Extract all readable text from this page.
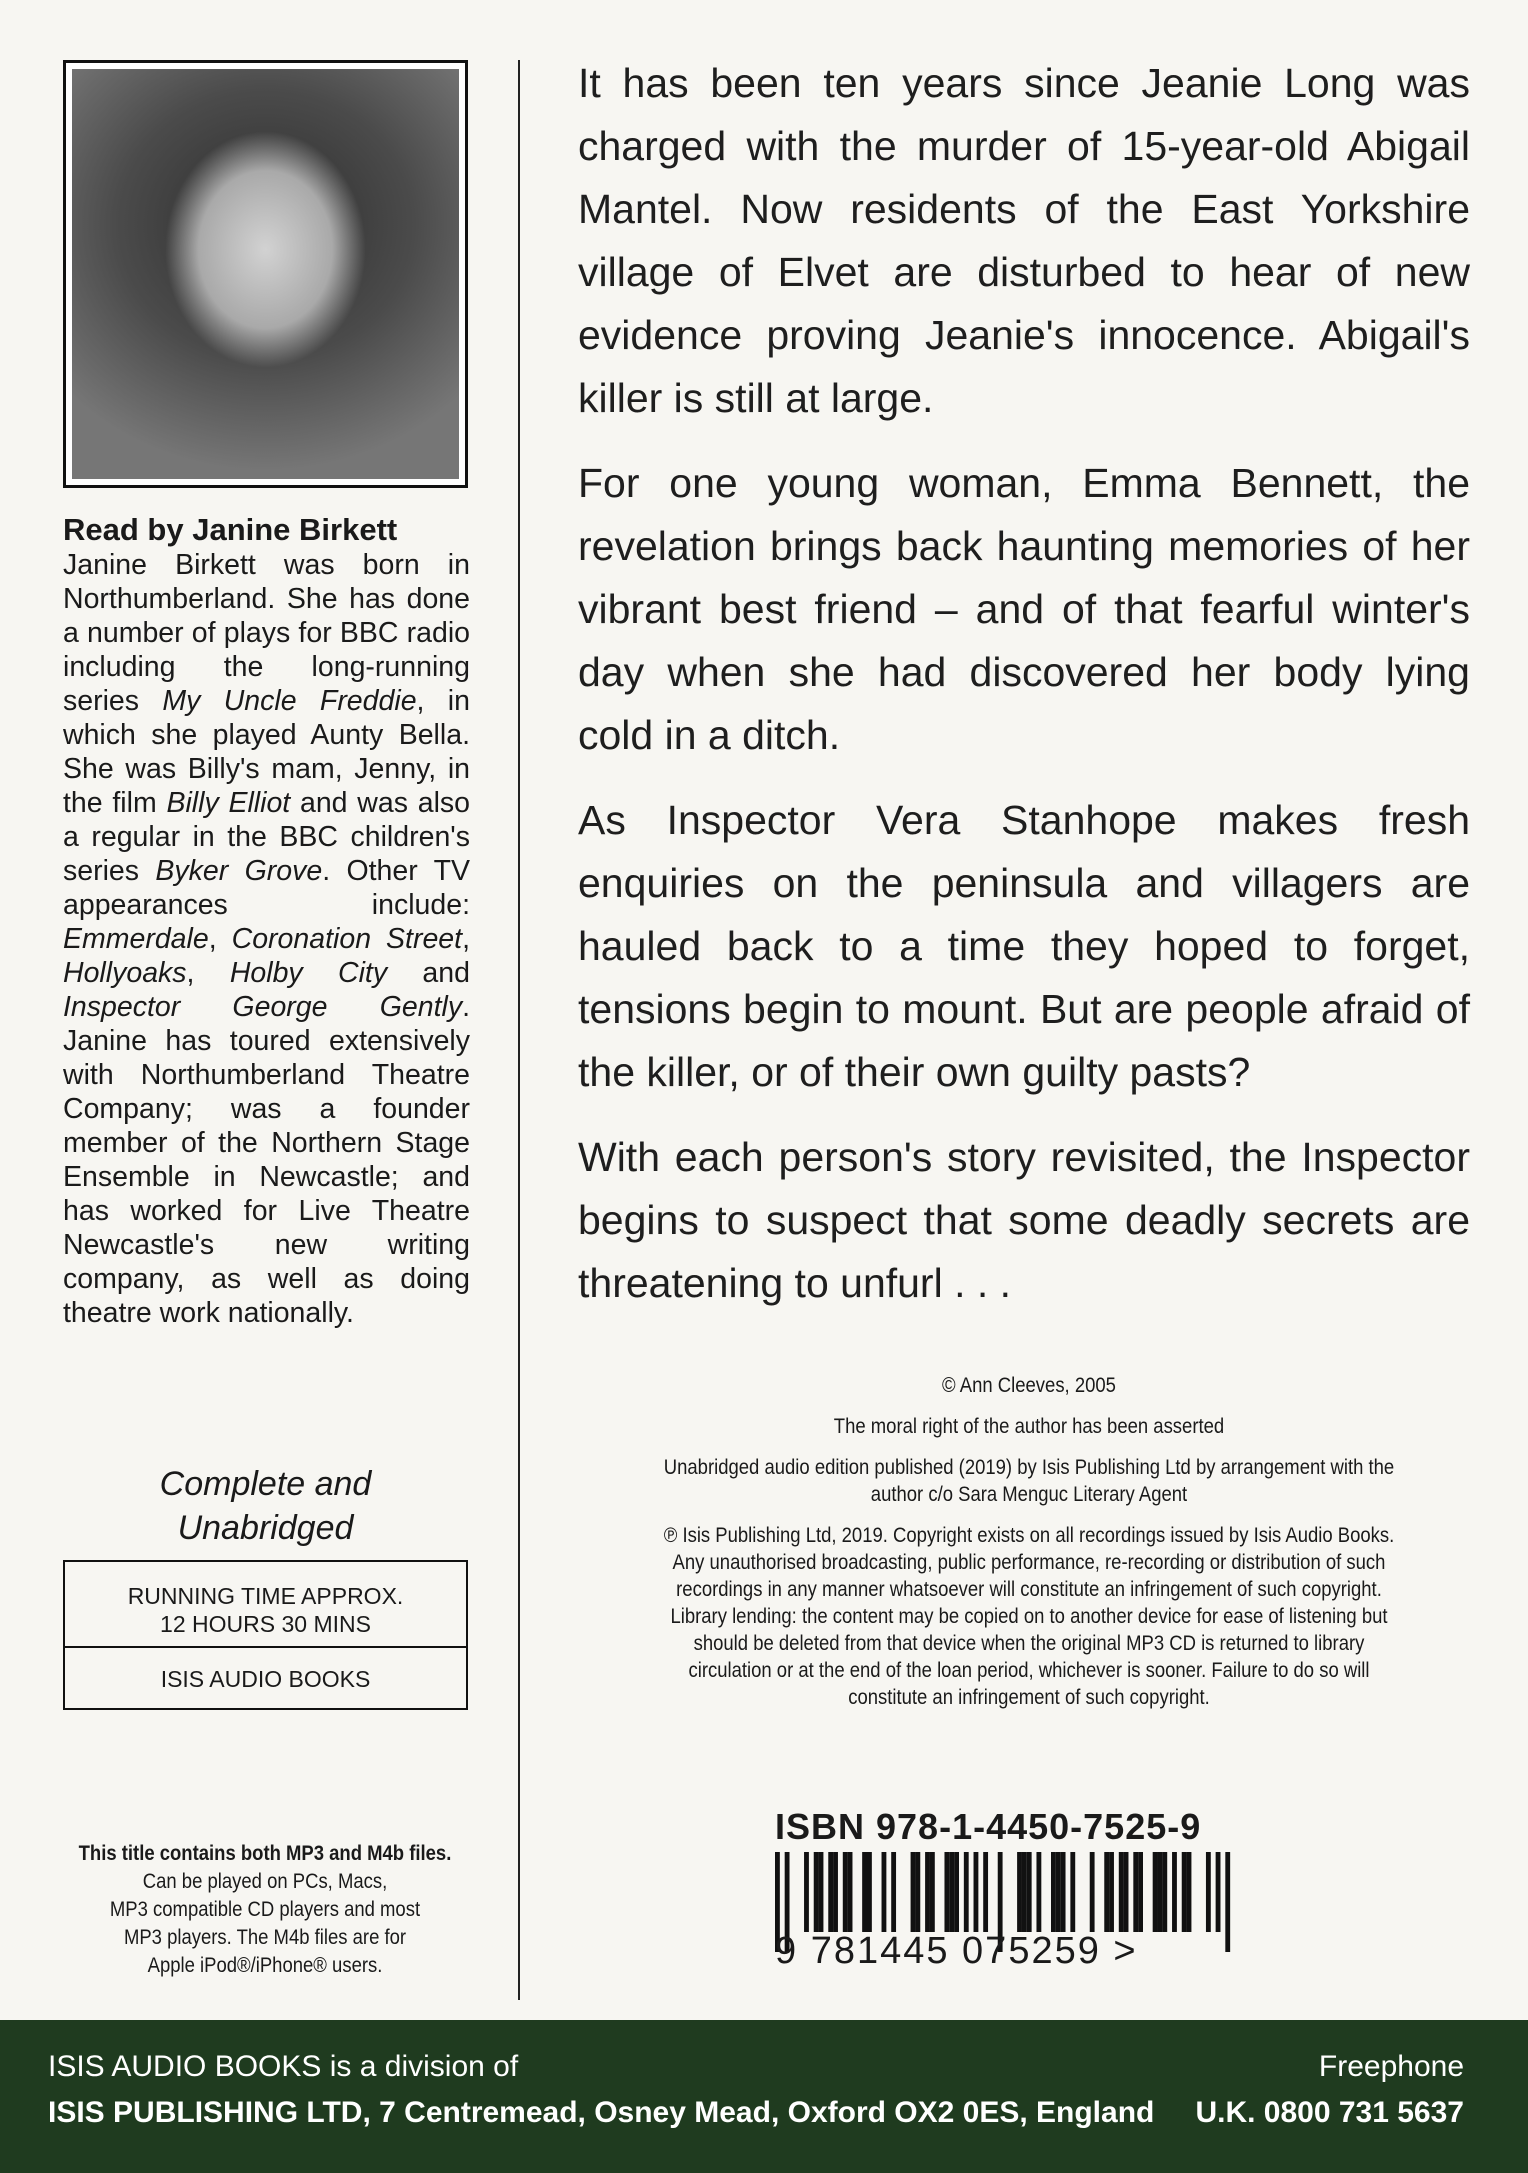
Read by Janine Birkett
Janine Birkett was born in Northumberland. She has done a number of plays for BBC radio including the long-running series My Uncle Freddie, in which she played Aunty Bella. She was Billy's mam, Jenny, in the film Billy Elliot and was also a regular in the BBC children's series Byker Grove. Other TV appearances include: Emmerdale, Coronation Street, Hollyoaks, Holby City and Inspector George Gently. Janine has toured extensively with Northumberland Theatre Company; was a founder member of the Northern Stage Ensemble in Newcastle; and has worked for Live Theatre Newcastle's new writing company, as well as doing theatre work nationally.
Complete and
Unabridged
RUNNING TIME APPROX.
12 HOURS 30 MINS
ISIS AUDIO BOOKS
This title contains both MP3 and M4b files.
Can be played on PCs, Macs,
MP3 compatible CD players and most
MP3 players. The M4b files are for
Apple iPod®/iPhone® users.

It has been ten years since Jeanie Long was charged with the murder of 15-year-old Abigail Mantel. Now residents of the East Yorkshire village of Elvet are disturbed to hear of new evidence proving Jeanie's innocence. Abigail's killer is still at large.

For one young woman, Emma Bennett, the revelation brings back haunting memories of her vibrant best friend – and of that fearful winter's day when she had discovered her body lying cold in a ditch.

As Inspector Vera Stanhope makes fresh enquiries on the peninsula and villagers are hauled back to a time they hoped to forget, tensions begin to mount. But are people afraid of the killer, or of their own guilty pasts?

With each person's story revisited, the Inspector begins to suspect that some deadly secrets are threatening to unfurl . . .

© Ann Cleeves, 2005

The moral right of the author has been asserted

Unabridged audio edition published (2019) by Isis Publishing Ltd by arrangement with the author c/o Sara Menguc Literary Agent

℗ Isis Publishing Ltd, 2019. Copyright exists on all recordings issued by Isis Audio Books. Any unauthorised broadcasting, public performance, re-recording or distribution of such recordings in any manner whatsoever will constitute an infringement of such copyright. Library lending: the content may be copied on to another device for ease of listening but should be deleted from that device when the original MP3 CD is returned to library circulation or at the end of the loan period, whichever is sooner. Failure to do so will constitute an infringement of such copyright.

ISBN 978-1-4450-7525-9
9 781445 075259 >
ISIS AUDIO BOOKS is a division of
ISIS PUBLISHING LTD, 7 Centremead, Osney Mead, Oxford OX2 0ES, England
Freephone
U.K. 0800 731 5637
